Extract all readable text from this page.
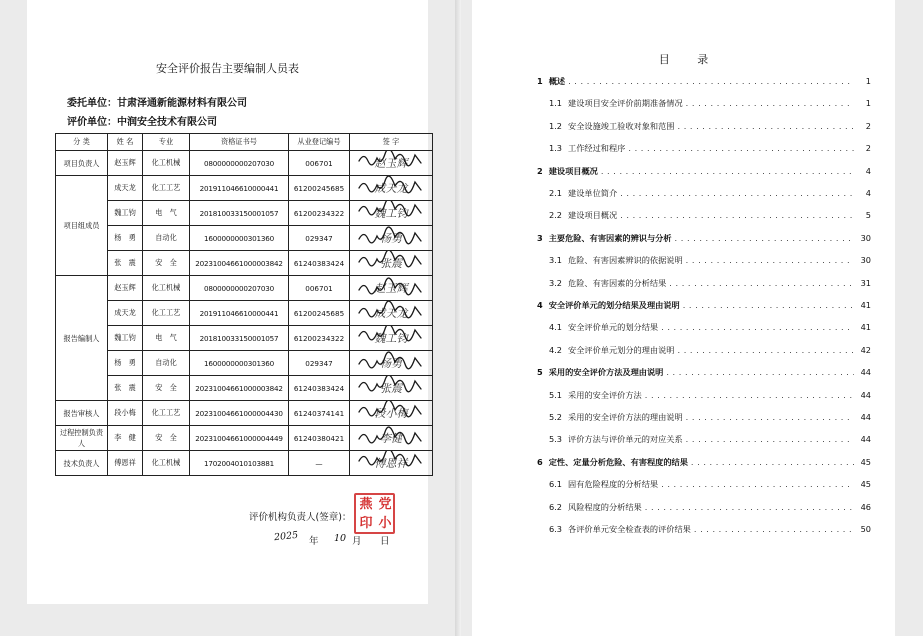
安全评价报告主要编制人员表
委托单位：甘肃泽通新能源材料有限公司
评价单位：中润安全技术有限公司
分 类	姓 名	专业	资格证书号	从业登记编号	签 字
项目负责人	赵玉辉	化工机械	0800000000207030	006701	赵玉辉

项目组成员	成天龙	化工工艺	201911046610000441	61200245685	成天龙

	魏工钧	电　气	201810033150001057	61200234322	魏工钧

	杨　勇	自动化	1600000000301360	029347	杨勇

	张　震	安　全	20231004661000003842	61240383424	张震

报告编制人	赵玉辉	化工机械	0800000000207030	006701	赵玉辉

	成天龙	化工工艺	201911046610000441	61200245685	成天龙

	魏工钧	电　气	201810033150001057	61200234322	魏工钧

	杨　勇	自动化	1600000000301360	029347	杨勇

	张　震	安　全	20231004661000003842	61240383424	张震

报告审核人	段小梅	化工工艺	20231004661000004430	61240374141	段小梅

过程控制负责人	李　健	安　全	20231004661000004449	61240380421	李健

技术负责人	傅恩祥	化工机械	1702004010103881	—	傅恩祥
评价机构负责人(签章)：
2025 年 10 月 日
燕 党
印 小
目 录
1 概述 . . .	1
1.1 建设项目安全评价前期准备情况 . . .	1
1.2 安全设施竣工验收对象和范围 . . .	2
1.3 工作经过和程序 . . .	2
2 建设项目概况 . . .	4
2.1 建设单位简介 . . .	4
2.2 建设项目概况 . . .	5
3 主要危险、有害因素的辨识与分析 . . .	30
3.1 危险、有害因素辨识的依据说明 . . .	30
3.2 危险、有害因素的分析结果 . . .	31
4 安全评价单元的划分结果及理由说明 . . .	41
4.1 安全评价单元的划分结果 . . .	41
4.2 安全评价单元划分的理由说明 . . .	42
5 采用的安全评价方法及理由说明 . . .	44
5.1 采用的安全评价方法 . . .	44
5.2 采用的安全评价方法的理由说明 . . .	44
5.3 评价方法与评价单元的对应关系 . . .	44
6 定性、定量分析危险、有害程度的结果 . . .	45
6.1 固有危险程度的分析结果 . . .	45
6.2 风险程度的分析结果 . . .	46
6.3 各评价单元安全检查表的评价结果 . . .	50
